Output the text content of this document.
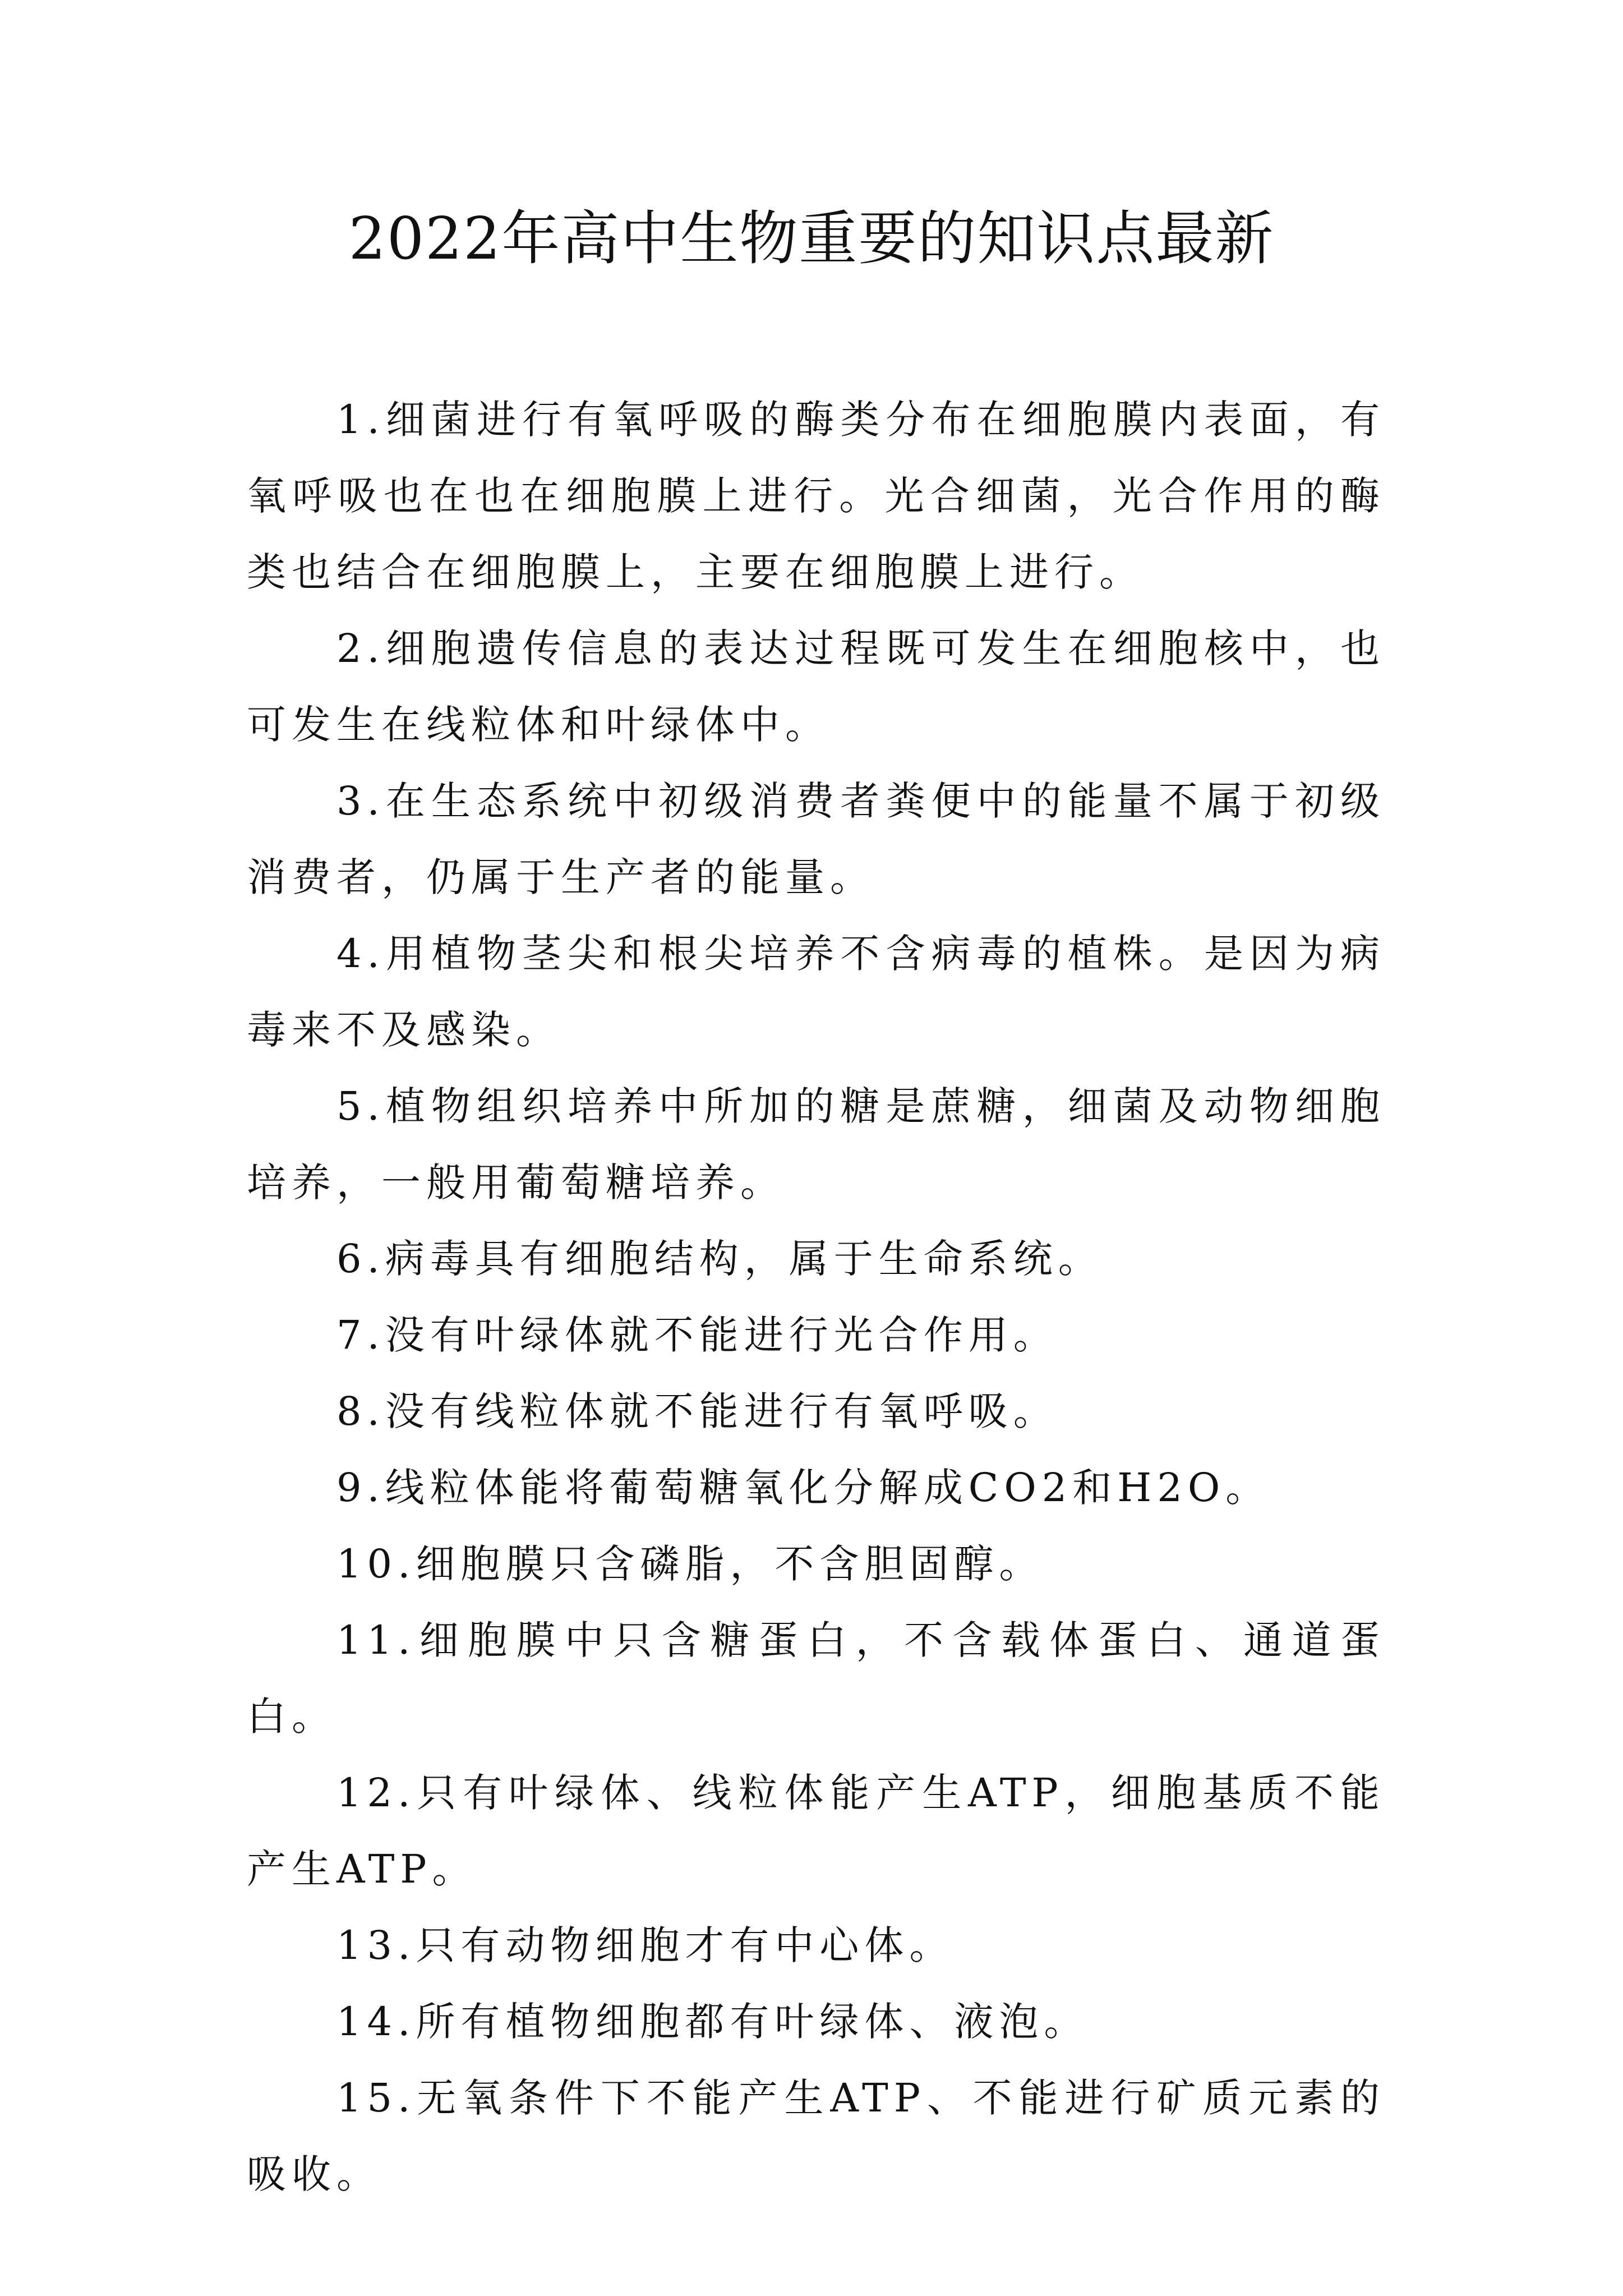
2022年高中生物重要的知识点最新

1.细菌进行有氧呼吸的酶类分布在细胞膜内表面，有氧呼吸也在也在细胞膜上进行。光合细菌，光合作用的酶类也结合在细胞膜上，主要在细胞膜上进行。

2.细胞遗传信息的表达过程既可发生在细胞核中，也可发生在线粒体和叶绿体中。

3.在生态系统中初级消费者粪便中的能量不属于初级消费者，仍属于生产者的能量。

4.用植物茎尖和根尖培养不含病毒的植株。是因为病毒来不及感染。

5.植物组织培养中所加的糖是蔗糖，细菌及动物细胞培养，一般用葡萄糖培养。

6.病毒具有细胞结构，属于生命系统。

7.没有叶绿体就不能进行光合作用。

8.没有线粒体就不能进行有氧呼吸。

9.线粒体能将葡萄糖氧化分解成CO2和H2O。

10.细胞膜只含磷脂，不含胆固醇。

11.细胞膜中只含糖蛋白，不含载体蛋白、通道蛋白。

12.只有叶绿体、线粒体能产生ATP，细胞基质不能产生ATP。

13.只有动物细胞才有中心体。

14.所有植物细胞都有叶绿体、液泡。

15.无氧条件下不能产生ATP、不能进行矿质元素的吸收。
